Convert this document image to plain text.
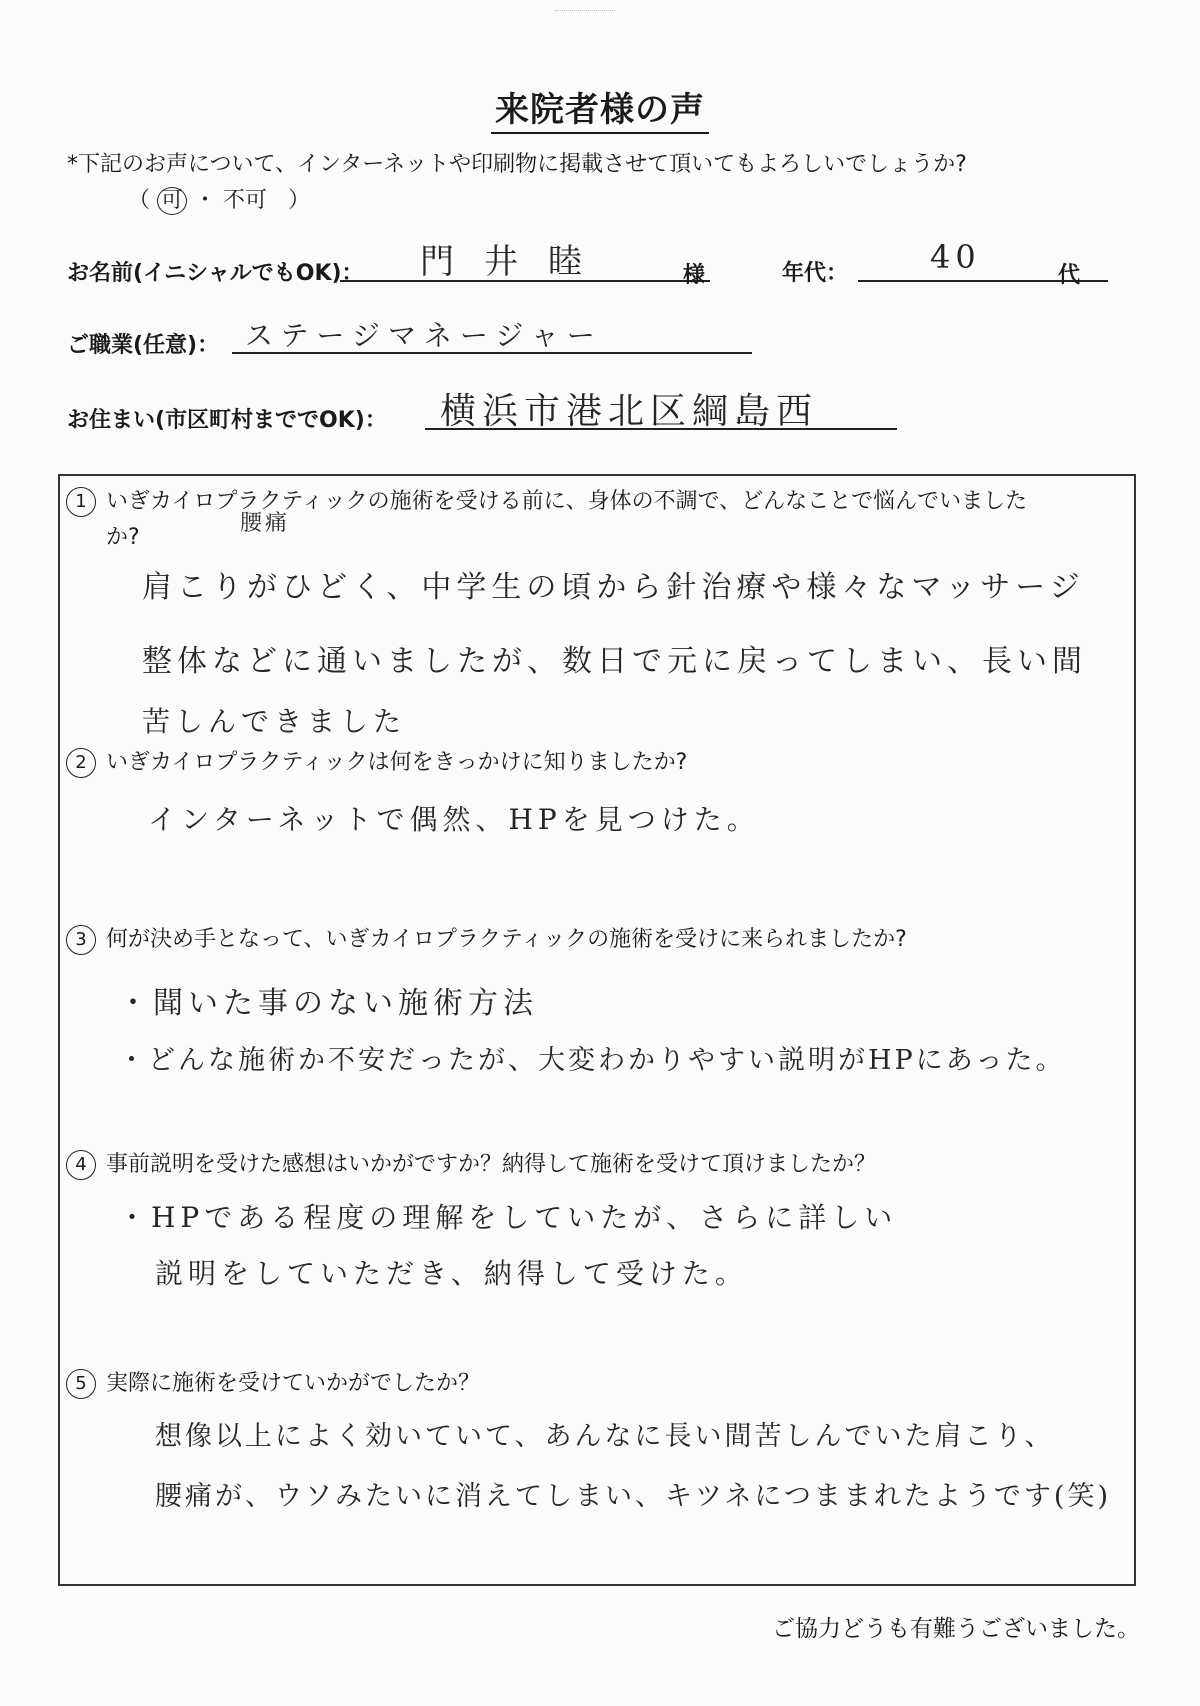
来院者様の声
*下記のお声について、インターネットや印刷物に掲載させて頂いてもよろしいでしょうか?
（ 可 ・ 不可 ）
お名前(イニシャルでもOK)： 門井睦	様	年代：	40	代
ご職業(任意)： ステージマネージャー
お住まい(市区町村まででOK)： 横浜市港北区綱島西
1 いぎカイロプラクティックの施術を受ける前に、身体の不調で、どんなことで悩んでいました
か?
腰痛
肩こりがひどく、中学生の頃から針治療や様々なマッサージ
整体などに通いましたが、数日で元に戻ってしまい、長い間
苦しんできました
2 いぎカイロプラクティックは何をきっかけに知りましたか?
インターネットで偶然、HPを見つけた。
3 何が決め手となって、いぎカイロプラクティックの施術を受けに来られましたか?
・聞いた事のない施術方法
・どんな施術か不安だったが、大変わかりやすい説明がHPにあった。
4 事前説明を受けた感想はいかがですか？納得して施術を受けて頂けましたか？
・HPである程度の理解をしていたが、さらに詳しい
説明をしていただき、納得して受けた。
5 実際に施術を受けていかがでしたか？
想像以上によく効いていて、あんなに長い間苦しんでいた肩こり、
腰痛が、ウソみたいに消えてしまい、キツネにつままれたようです(笑)
ご協力どうも有難うございました。
